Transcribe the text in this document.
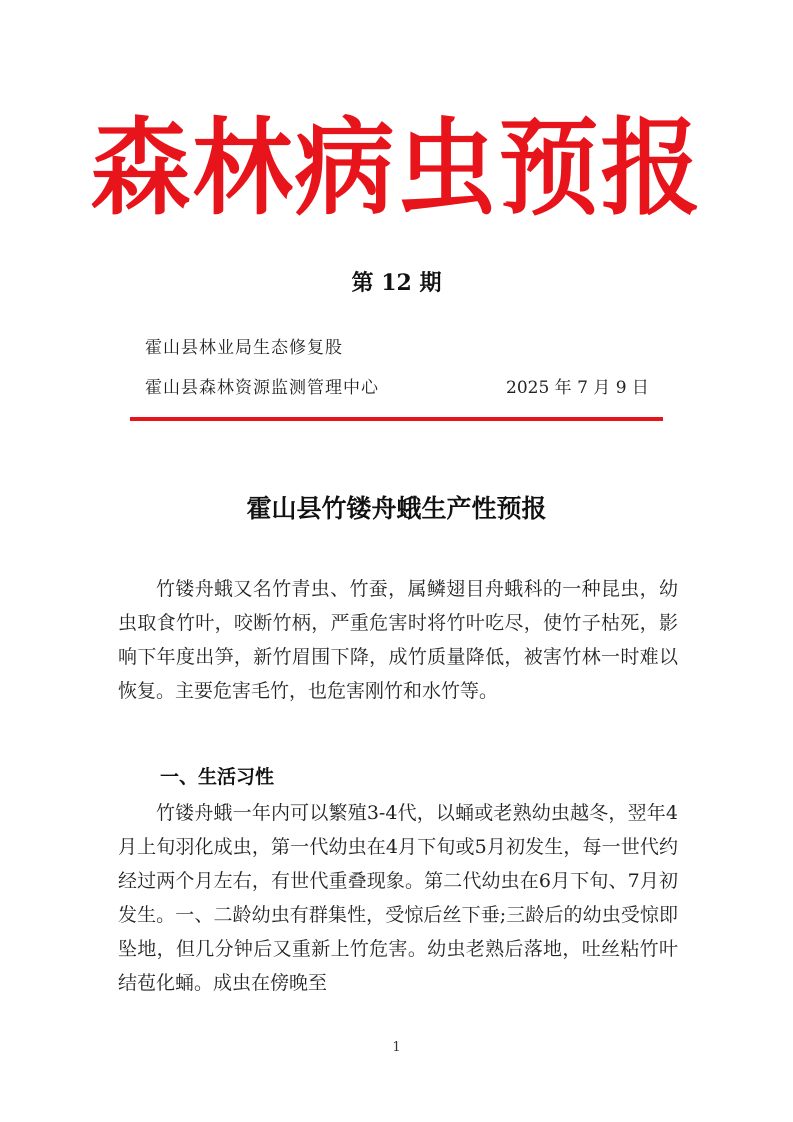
森林病虫预报
第 12 期
霍山县林业局生态修复股
霍山县森林资源监测管理中心	2025 年 7 月 9 日
霍山县竹镂舟蛾生产性预报

竹镂舟蛾又名竹青虫、竹蚕，属鳞翅目舟蛾科的一种昆虫，幼虫取食竹叶，咬断竹柄，严重危害时将竹叶吃尽，使竹子枯死，影响下年度出笋，新竹眉围下降，成竹质量降低，被害竹林一时难以恢复。主要危害毛竹，也危害刚竹和水竹等。

一、生活习性

竹镂舟蛾一年内可以繁殖3-4代，以蛹或老熟幼虫越冬，翌年4月上旬羽化成虫，第一代幼虫在4月下旬或5月初发生，每一世代约经过两个月左右，有世代重叠现象。第二代幼虫在6月下旬、7月初发生。一、二龄幼虫有群集性，受惊后丝下垂;三龄后的幼虫受惊即坠地，但几分钟后又重新上竹危害。幼虫老熟后落地，吐丝粘竹叶结苞化蛹。成虫在傍晚至

1
